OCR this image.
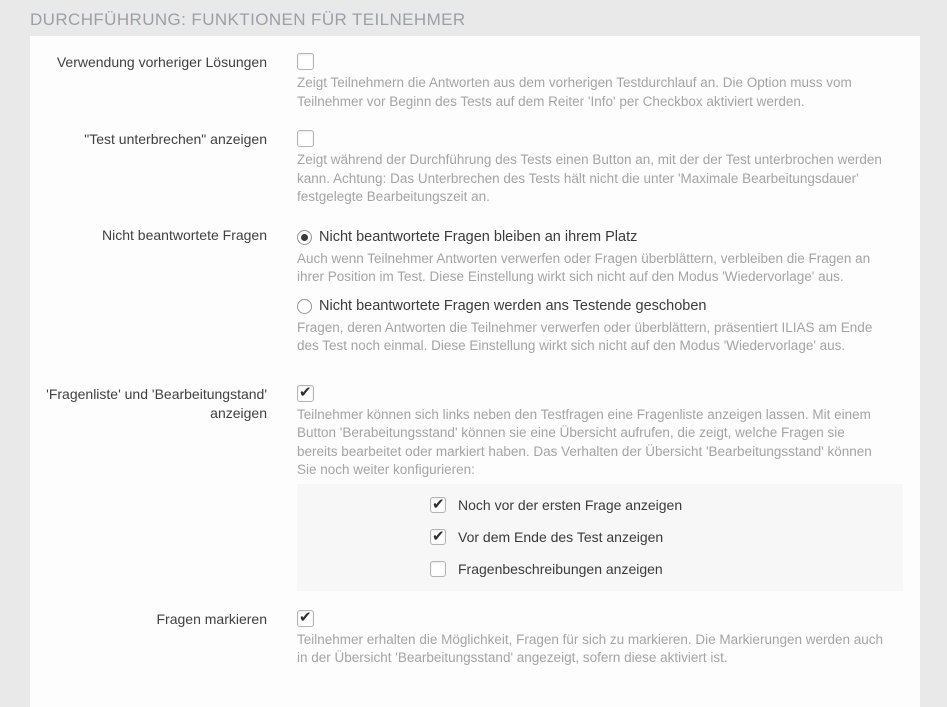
DURCHFÜHRUNG: FUNKTIONEN FÜR TEILNEHMER
Verwendung vorheriger Lösungen
Zeigt Teilnehmern die Antworten aus dem vorherigen Testdurchlauf an. Die Option muss vom Teilnehmer vor Beginn des Tests auf dem Reiter 'Info' per Checkbox aktiviert werden.
"Test unterbrechen" anzeigen
Zeigt während der Durchführung des Tests einen Button an, mit der der Test unterbrochen werden kann. Achtung: Das Unterbrechen des Tests hält nicht die unter 'Maximale Bearbeitungsdauer' festgelegte Bearbeitungszeit an.
Nicht beantwortete Fragen	Nicht beantwortete Fragen bleiben an ihrem Platz
Auch wenn Teilnehmer Antworten verwerfen oder Fragen überblättern, verbleiben die Fragen an ihrer Position im Test. Diese Einstellung wirkt sich nicht auf den Modus 'Wiedervorlage' aus.
Nicht beantwortete Fragen werden ans Testende geschoben
Fragen, deren Antworten die Teilnehmer verwerfen oder überblättern, präsentiert ILIAS am Ende des Test noch einmal. Diese Einstellung wirkt sich nicht auf den Modus 'Wiedervorlage' aus.
'Fragenliste' und 'Bearbeitungstand' anzeigen
✔ Teilnehmer können sich links neben den Testfragen eine Fragenliste anzeigen lassen. Mit einem Button 'Berabeitungsstand' können sie eine Übersicht aufrufen, die zeigt, welche Fragen sie bereits bearbeitet oder markiert haben. Das Verhalten der Übersicht 'Bearbeitungsstand' können Sie noch weiter konfigurieren:
✔
Noch vor der ersten Frage anzeigen
✔
Vor dem Ende des Test anzeigen
Fragenbeschreibungen anzeigen
Fragen markieren
✔
Teilnehmer erhalten die Möglichkeit, Fragen für sich zu markieren. Die Markierungen werden auch in der Übersicht 'Bearbeitungsstand' angezeigt, sofern diese aktiviert ist.
